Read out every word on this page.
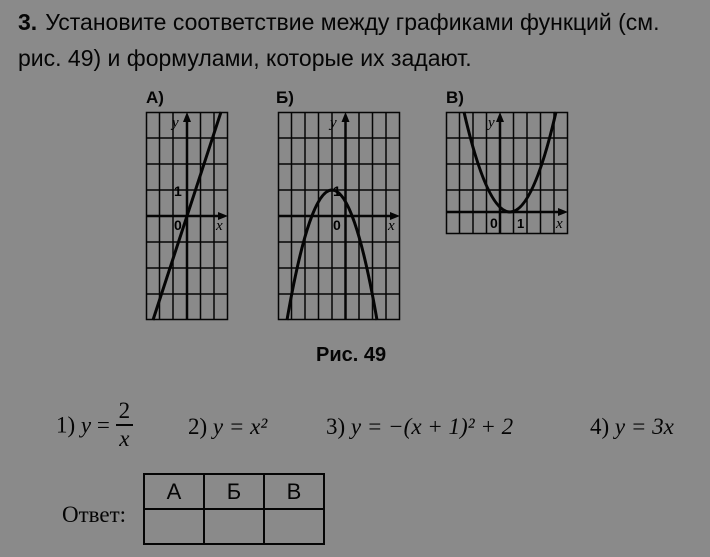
3. Установите соответствие между графиками функций (см. рис. 49) и формулами, которые их задают.

А)	Б)	В)
y
x
0
1
y
x
0
1
y
x
0 1
Рис. 49
1) $y = \frac{2}{x} 2$) y = x²	3) y = −(x + 1)² + 2	4) y = 3x
Ответ:
А	Б	В
